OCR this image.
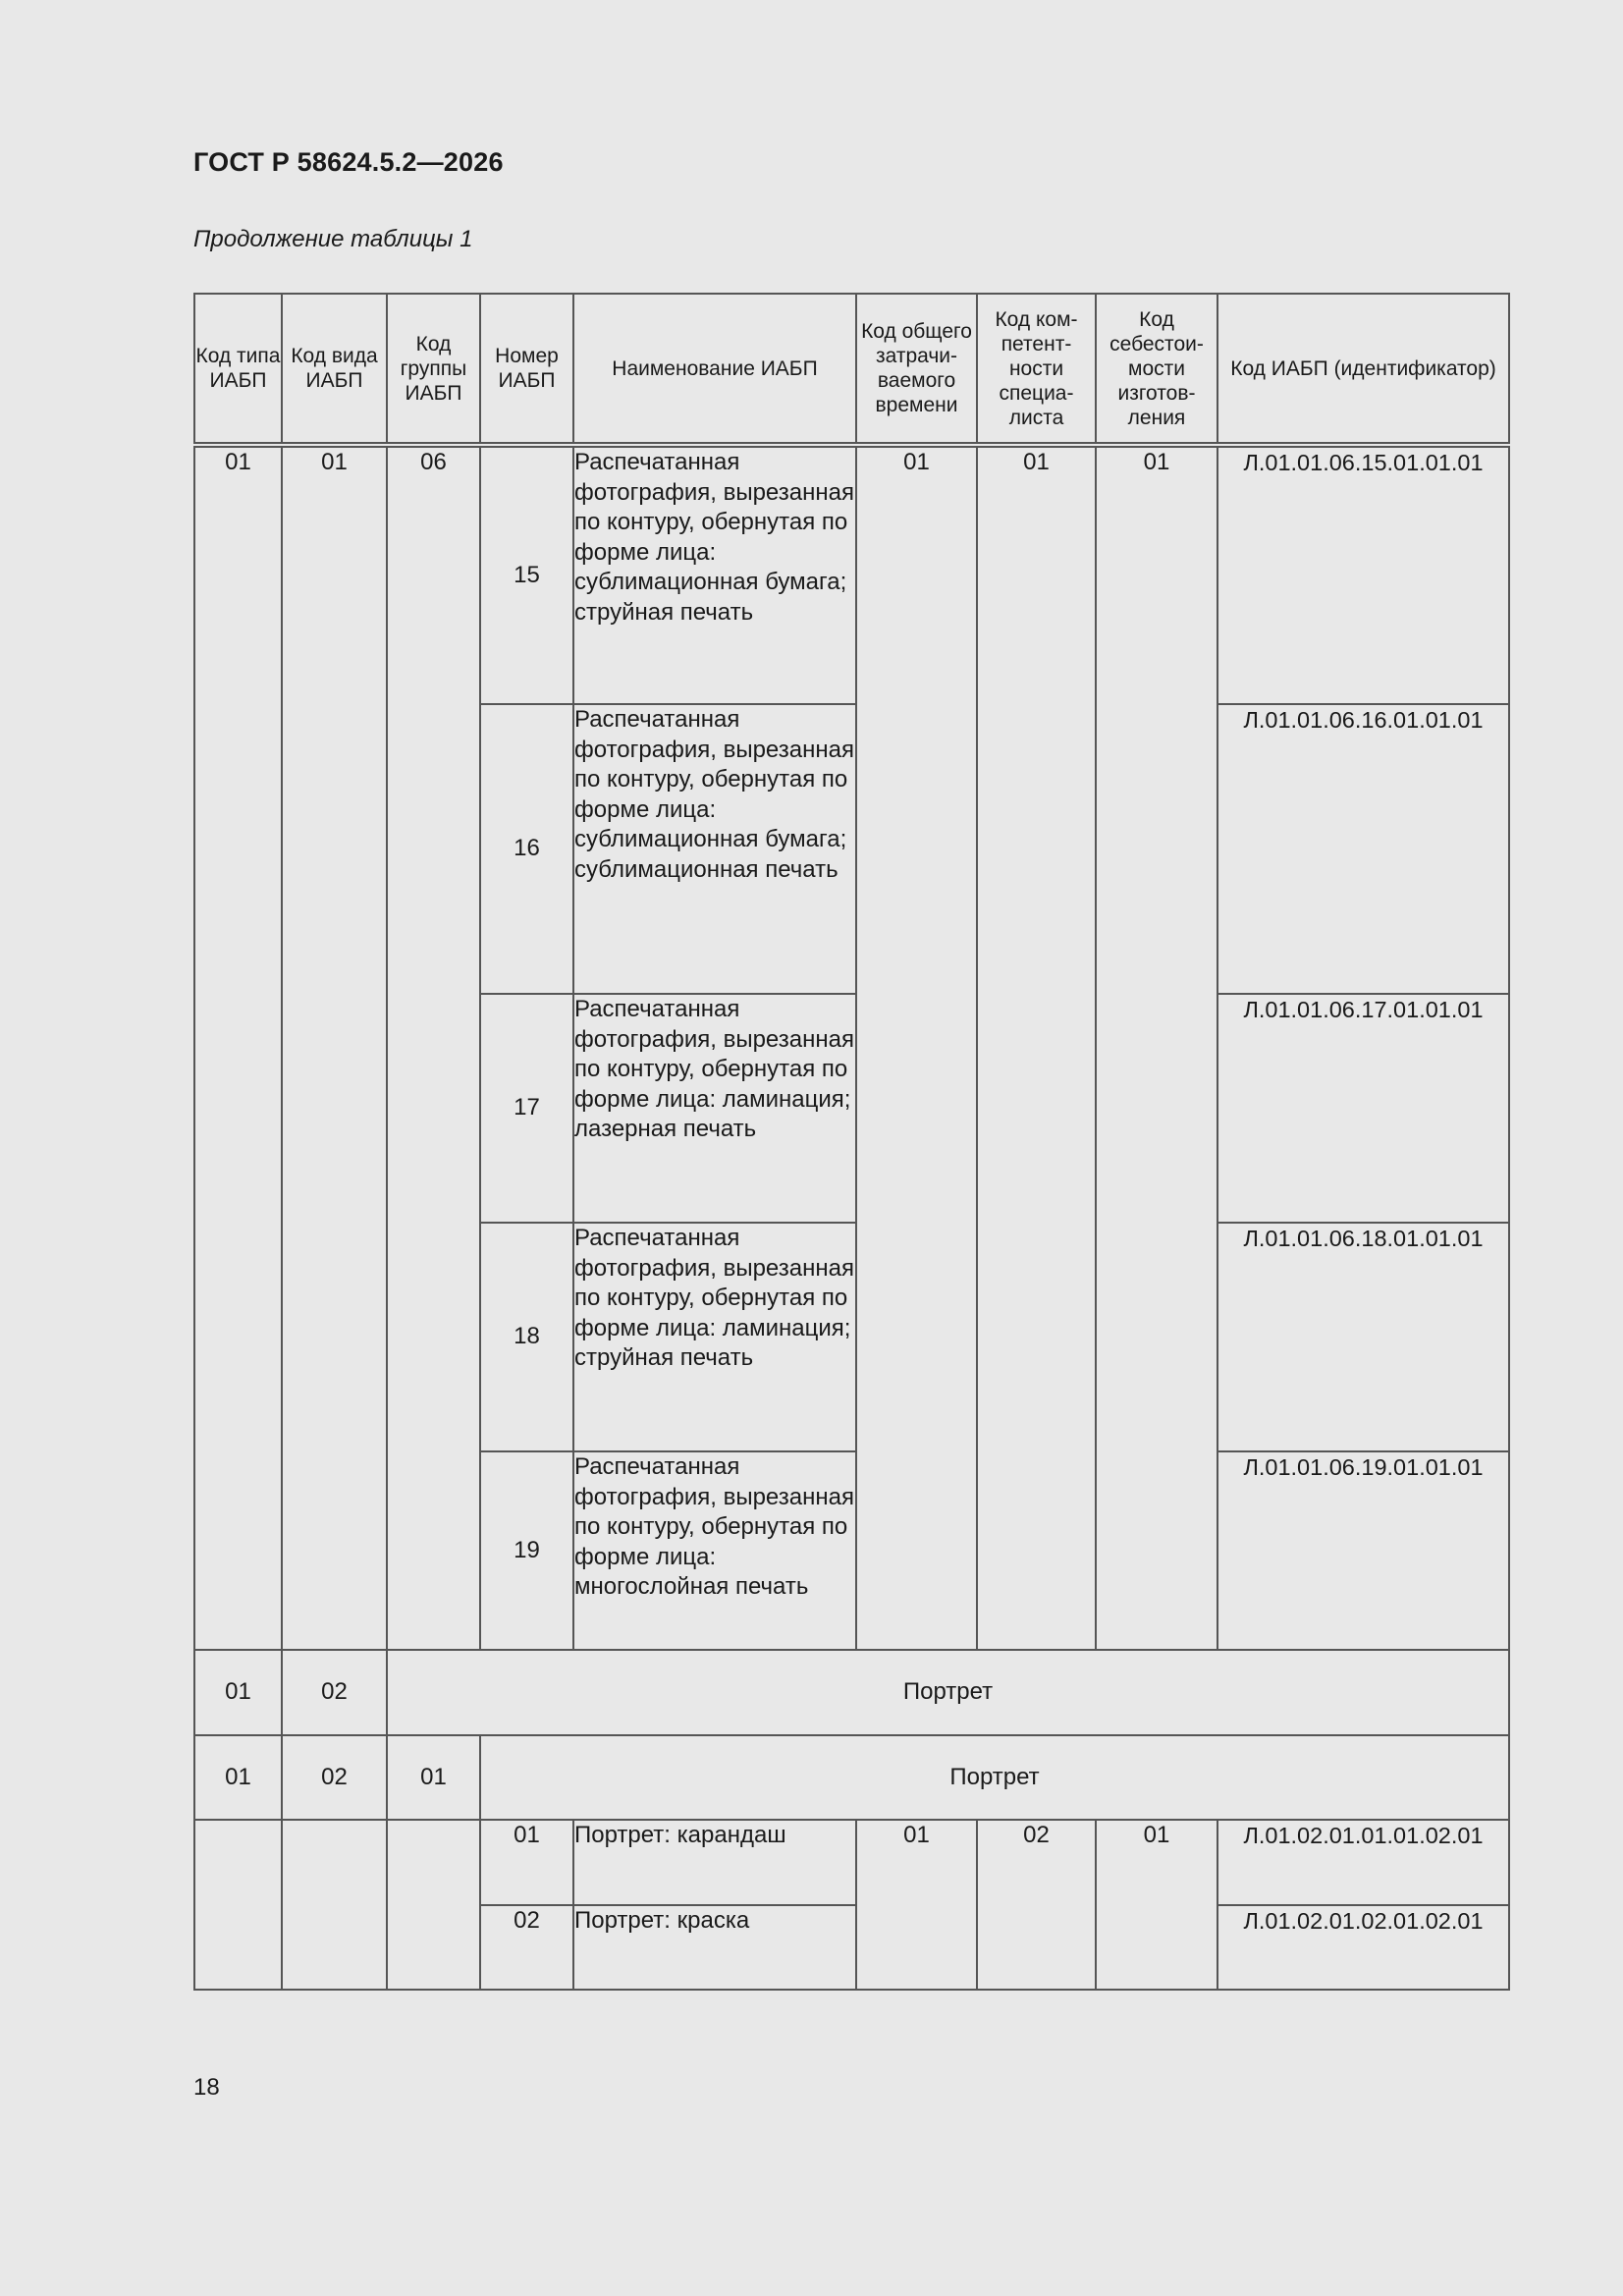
ГОСТ Р 58624.5.2—2026
Продолжение таблицы 1
Код типа ИАБП	Код вида ИАБП	Код группы ИАБП	Номер ИАБП	Наименование ИАБП	Код общего затрачи-ваемого времени	Код ком-петент-ности специа-листа	Код себестои-мости изготов-ления	Код ИАБП (идентификатор)
01	01	06	15	Распечатанная фотография, вырезанная по контуру, обернутая по форме лица: сублимационная бумага; струйная печать	01	01	01	Л.01.01.06.15.01.01.01
			16	Распечатанная фотография, вырезанная по контуру, обернутая по форме лица: сублимационная бумага; сублимационная печать				Л.01.01.06.16.01.01.01
			17	Распечатанная фотография, вырезанная по контуру, обернутая по форме лица: ламинация; лазерная печать				Л.01.01.06.17.01.01.01
			18	Распечатанная фотография, вырезанная по контуру, обернутая по форме лица: ламинация; струйная печать				Л.01.01.06.18.01.01.01
			19	Распечатанная фотография, вырезанная по контуру, обернутая по форме лица: многослойная печать				Л.01.01.06.19.01.01.01
01	02	Портрет						
01	02	01	Портрет					
			01	Портрет: карандаш	01	02	01	Л.01.02.01.01.01.02.01
			02	Портрет: краска				Л.01.02.01.02.01.02.01
18
